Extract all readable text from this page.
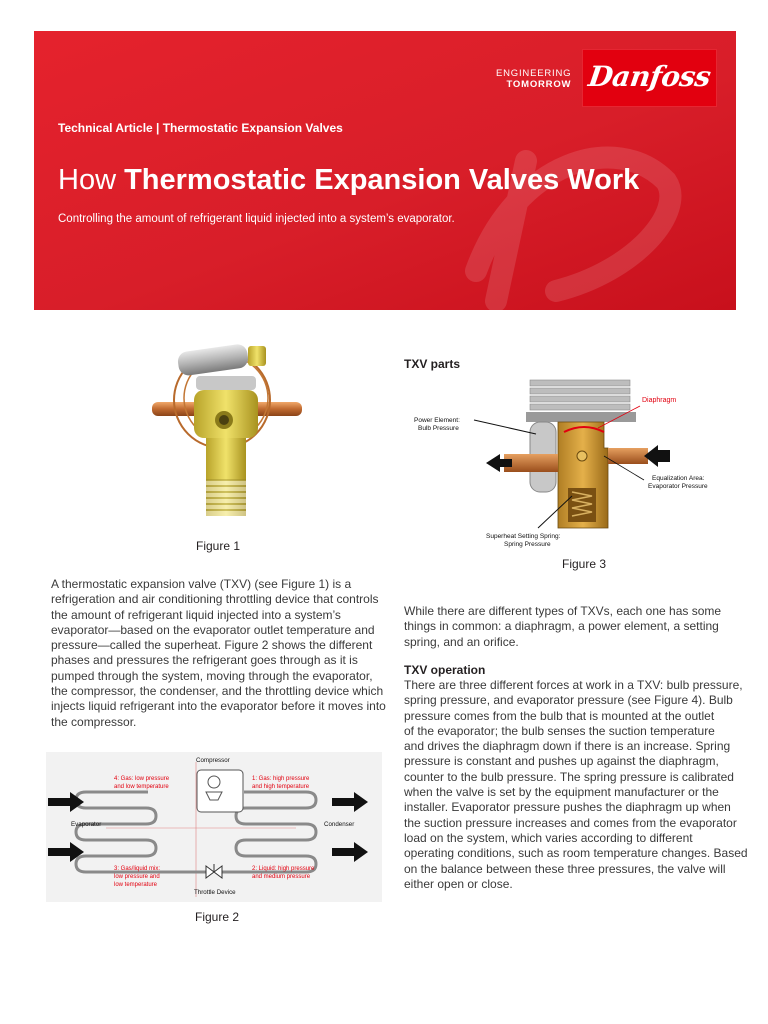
ENGINEERING
TOMORROW Danfoss
Technical Article | Thermostatic Expansion Valves
How Thermostatic Expansion Valves Work
Controlling the amount of refrigerant liquid injected into a system’s evaporator.
Figure 1
A thermostatic expansion valve (TXV) (see Figure 1) is a
refrigeration and air conditioning throttling device that controls
the amount of refrigerant liquid injected into a system’s
evaporator—based on the evaporator outlet temperature and
pressure—called the superheat. Figure 2 shows the different
phases and pressures the refrigerant goes through as it is
pumped through the system, moving through the evaporator,
the compressor, the condenser, and the throttling device which
injects liquid refrigerant into the evaporator before it moves into
the compressor.
Compressor
Evaporator	Condenser
Throttle Device
4: Gas: low pressure and low temperature
1: Gas: high pressure and high temperature
3: Gas/liquid mix: low pressure and low temperature
2: Liquid: high pressure and medium pressure
Figure 2
TXV parts
Diaphragm
Power Element: Bulb Pressure
Equalization Area: Evaporator Pressure
Superheat Setting Spring: Spring Pressure
Figure 3
While there are different types of TXVs, each one has some
things in common: a diaphragm, a power element, a setting
spring, and an orifice.
TXV operation
There are three different forces at work in a TXV: bulb pressure,
spring pressure, and evaporator pressure (see Figure 4). Bulb
pressure comes from the bulb that is mounted at the outlet
of the evaporator; the bulb senses the suction temperature
and drives the diaphragm down if there is an increase. Spring
pressure is constant and pushes up against the diaphragm,
counter to the bulb pressure. The spring pressure is calibrated
when the valve is set by the equipment manufacturer or the
installer. Evaporator pressure pushes the diaphragm up when
the suction pressure increases and comes from the evaporator
load on the system, which varies according to different
operating conditions, such as room temperature changes. Based
on the balance between these three pressures, the valve will
either open or close.
